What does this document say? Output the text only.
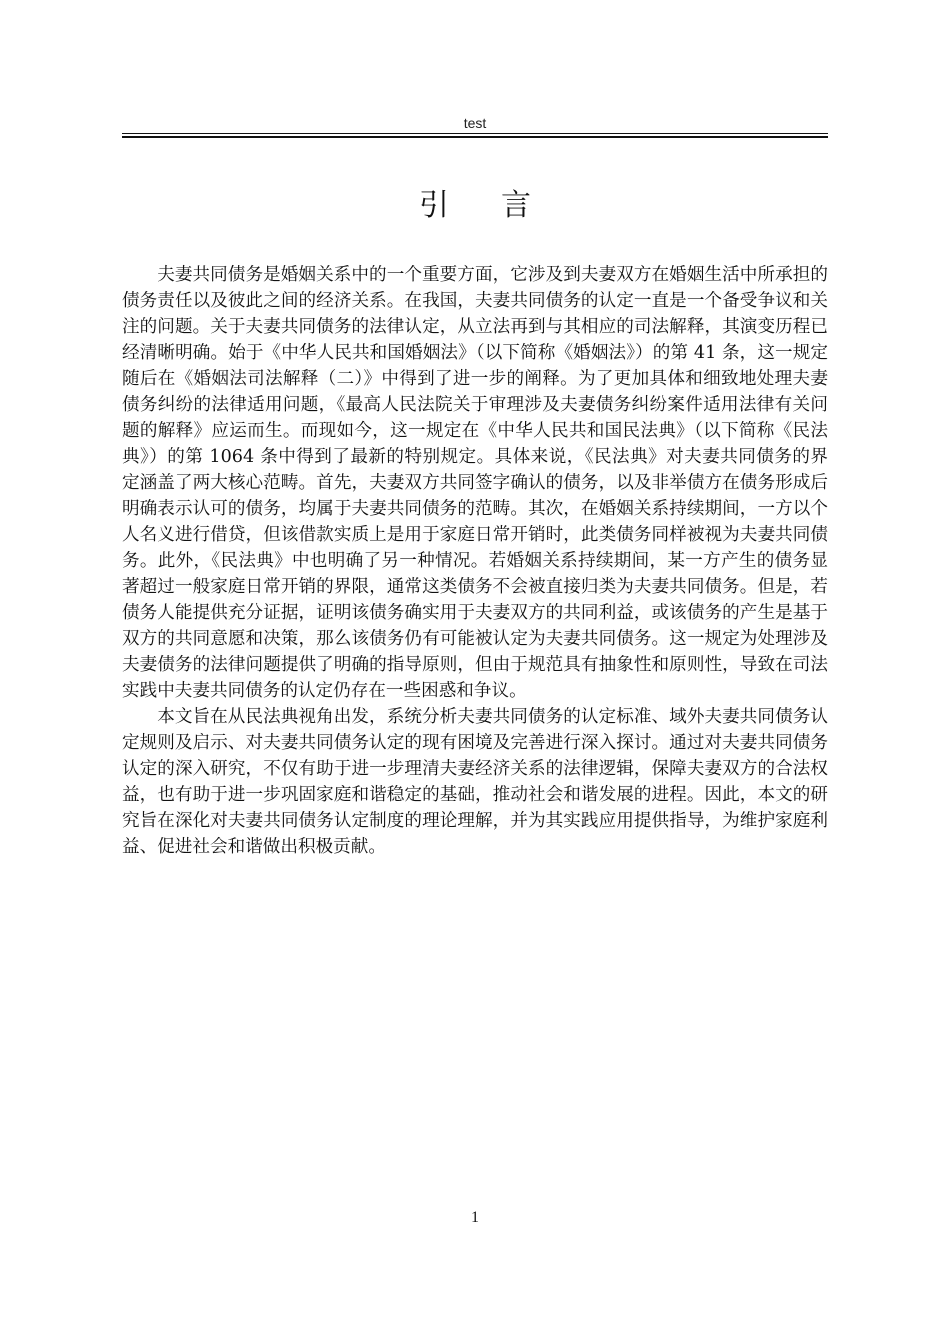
test
引言

夫妻共同债务是婚姻关系中的一个重要方面，它涉及到夫妻双方在婚姻生活中所承担的债务责任以及彼此之间的经济关系。在我国，夫妻共同债务的认定一直是一个备受争议和关注的问题。关于夫妻共同债务的法律认定，从立法再到与其相应的司法解释，其演变历程已经清晰明确。始于《中华人民共和国婚姻法》（以下简称《婚姻法》）的第 41 条，这一规定随后在《婚姻法司法解释（二）》中得到了进一步的阐释。为了更加具体和细致地处理夫妻债务纠纷的法律适用问题，《最高人民法院关于审理涉及夫妻债务纠纷案件适用法律有关问题的解释》应运而生。而现如今，这一规定在《中华人民共和国民法典》（以下简称《民法典》）的第 1064 条中得到了最新的特别规定。具体来说，《民法典》对夫妻共同债务的界定涵盖了两大核心范畴。首先，夫妻双方共同签字确认的债务，以及非举债方在债务形成后明确表示认可的债务，均属于夫妻共同债务的范畴。其次，在婚姻关系持续期间，一方以个人名义进行借贷，但该借款实质上是用于家庭日常开销时，此类债务同样被视为夫妻共同债务。此外，《民法典》中也明确了另一种情况。若婚姻关系持续期间，某一方产生的债务显著超过一般家庭日常开销的界限，通常这类债务不会被直接归类为夫妻共同债务。但是，若债务人能提供充分证据，证明该债务确实用于夫妻双方的共同利益，或该债务的产生是基于双方的共同意愿和决策，那么该债务仍有可能被认定为夫妻共同债务。这一规定为处理涉及夫妻债务的法律问题提供了明确的指导原则，但由于规范具有抽象性和原则性，导致在司法实践中夫妻共同债务的认定仍存在一些困惑和争议。

本文旨在从民法典视角出发，系统分析夫妻共同债务的认定标准、域外夫妻共同债务认定规则及启示、对夫妻共同债务认定的现有困境及完善进行深入探讨。通过对夫妻共同债务认定的深入研究，不仅有助于进一步理清夫妻经济关系的法律逻辑，保障夫妻双方的合法权益，也有助于进一步巩固家庭和谐稳定的基础，推动社会和谐发展的进程。因此，本文的研究旨在深化对夫妻共同债务认定制度的理论理解，并为其实践应用提供指导，为维护家庭利益、促进社会和谐做出积极贡献。

1
